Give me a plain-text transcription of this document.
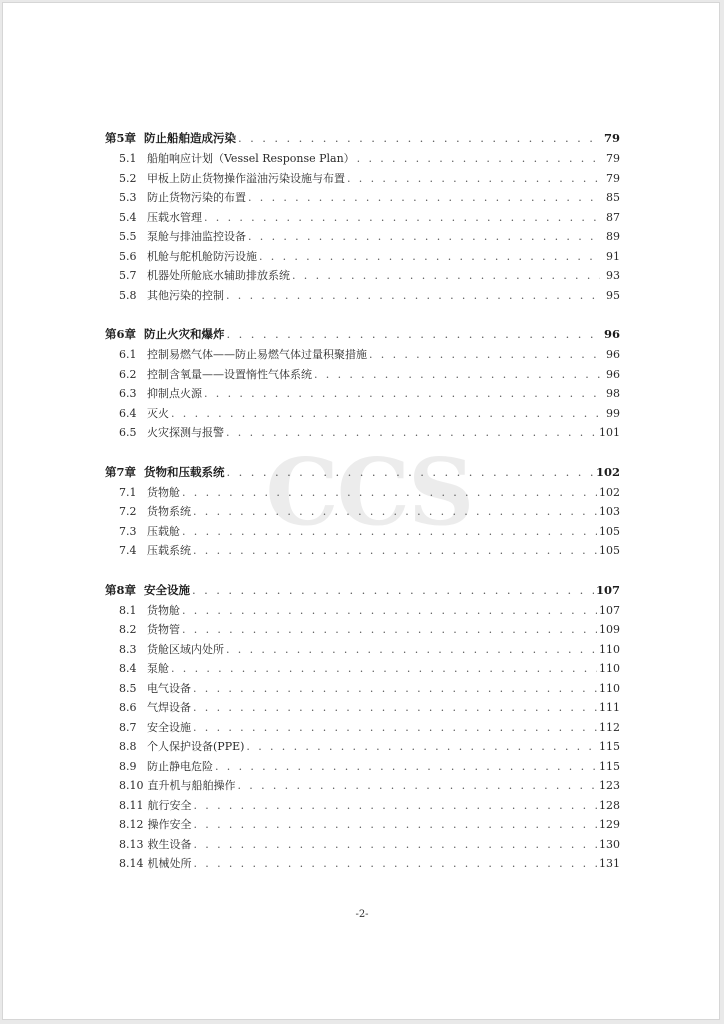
CCS
第5章 防止船舶造成污染 . . .	79
5.1 船舶响应计划（Vessel Response Plan） . . .	79
5.2 甲板上防止货物操作溢油污染设施与布置 . . .	79
5.3 防止货物污染的布置 . . .	85
5.4 压载水管理 . . .	87
5.5 泵舱与排油监控设备 . . .	89
5.6 机舱与舵机舱防污设施 . . .	91
5.7 机器处所舱底水辅助排放系统 . . .	93
5.8 其他污染的控制 . . .	95
第6章 防止火灾和爆炸 . . .	96
6.1 控制易燃气体——防止易燃气体过量积聚措施 . . .	96
6.2 控制含氧量——设置惰性气体系统 . . .	96
6.3 抑制点火源 . . .	98
6.4 灭火 . . .	99
6.5 火灾探测与报警 . . .	101
第7章 货物和压载系统 . . .	102
7.1 货物舱 . . .	102
7.2 货物系统 . . .	103
7.3 压载舱 . . .	105
7.4 压载系统 . . .	105
第8章 安全设施 . . .	107
8.1 货物舱 . . .	107
8.2 货物管 . . .	109
8.3 货舱区域内处所 . . .	110
8.4 泵舱 . . .	110
8.5 电气设备 . . .	110
8.6 气焊设备 . . .	111
8.7 安全设施 . . .	112
8.8 个人保护设备(PPE) . . .	115
8.9 防止静电危险 . . .	115
8.10 直升机与船舶操作 . . .	123
8.11 航行安全 . . .	128
8.12 操作安全 . . .	129
8.13 救生设备 . . .	130
8.14 机械处所 . . .	131
-2-
